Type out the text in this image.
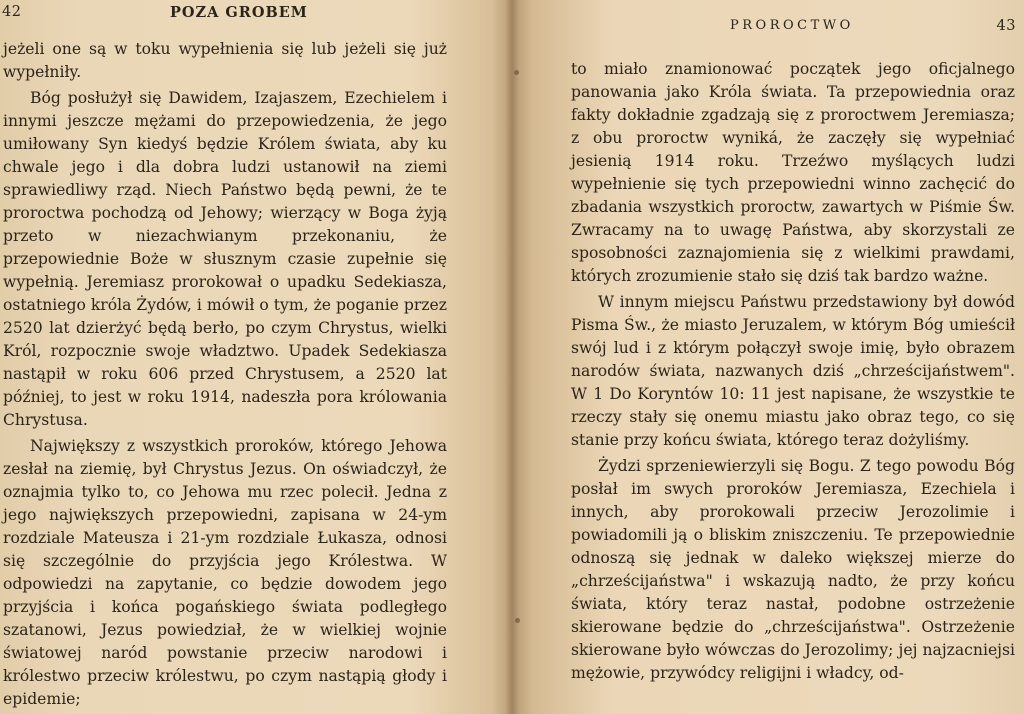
42	POZA GROBEM

jeżeli one są w toku wypełnienia się lub jeżeli się już wypełniły.

Bóg posłużył się Dawidem, Izajaszem, Ezechielem i innymi jeszcze mężami do przepowiedzenia, że jego umiłowany Syn kiedyś będzie Królem świata, aby ku chwale jego i dla dobra ludzi ustanowił na ziemi sprawiedliwy rząd. Niech Państwo będą pewni, że te proroctwa pochodzą od Jehowy; wierzący w Boga żyją przeto w niezachwianym przekonaniu, że przepowiednie Boże w słusznym czasie zupełnie się wypełnią. Jeremiasz prorokował o upadku Sedekiasza, ostatniego króla Żydów, i mówił o tym, że poganie przez 2520 lat dzierżyć będą berło, po czym Chrystus, wielki Król, rozpocznie swoje władztwo. Upadek Sedekiasza nastąpił w roku 606 przed Chrystusem, a 2520 lat później, to jest w roku 1914, nadeszła pora królowania Chrystusa.

Największy z wszystkich proroków, którego Jehowa zesłał na ziemię, był Chrystus Jezus. On oświadczył, że oznajmia tylko to, co Jehowa mu rzec polecił. Jedna z jego największych przepowiedni, zapisana w 24-ym rozdziale Mateusza i 21-ym rozdziale Łukasza, odnosi się szczególnie do przyjścia jego Królestwa. W odpowiedzi na zapytanie, co będzie dowodem jego przyjścia i końca pogańskiego świata podległego szatanowi, Jezus powiedział, że w wielkiej wojnie światowej naród powstanie przeciw narodowi i królestwo przeciw królestwu, po czym nastąpią głody i epidemie;

PROROCTWO	43

to miało znamionować początek jego oficjalnego panowania jako Króla świata. Ta przepowiednia oraz fakty dokładnie zgadzają się z proroctwem Jeremiasza; z obu proroctw wyniká, że zaczęły się wypełniać jesienią 1914 roku. Trzeźwo myślących ludzi wypełnienie się tych przepowiedni winno zachęcić do zbadania wszystkich proroctw, zawartych w Piśmie Św. Zwracamy na to uwagę Państwa, aby skorzystali ze sposobności zaznajomienia się z wielkimi prawdami, których zrozumienie stało się dziś tak bardzo ważne.

W innym miejscu Państwu przedstawiony był dowód Pisma Św., że miasto Jeruzalem, w którym Bóg umieścił swój lud i z którym połączył swoje imię, było obrazem narodów świata, nazwanych dziś „chrześcijaństwem". W 1 Do Koryntów 10: 11 jest napisane, że wszystkie te rzeczy stały się onemu miastu jako obraz tego, co się stanie przy końcu świata, którego teraz dożyliśmy.

Żydzi sprzeniewierzyli się Bogu. Z tego powodu Bóg posłał im swych proroków Jeremiasza, Ezechiela i innych, aby prorokowali przeciw Jerozolimie i powiadomili ją o bliskim zniszczeniu. Te przepowiednie odnoszą się jednak w daleko większej mierze do „chrześcijaństwa" i wskazują nadto, że przy końcu świata, który teraz nastał, podobne ostrzeżenie skierowane będzie do „chrześcijaństwa". Ostrzeżenie skierowane było wówczas do Jerozolimy; jej najzacniejsi mężowie, przywódcy religijni i władcy, od-
